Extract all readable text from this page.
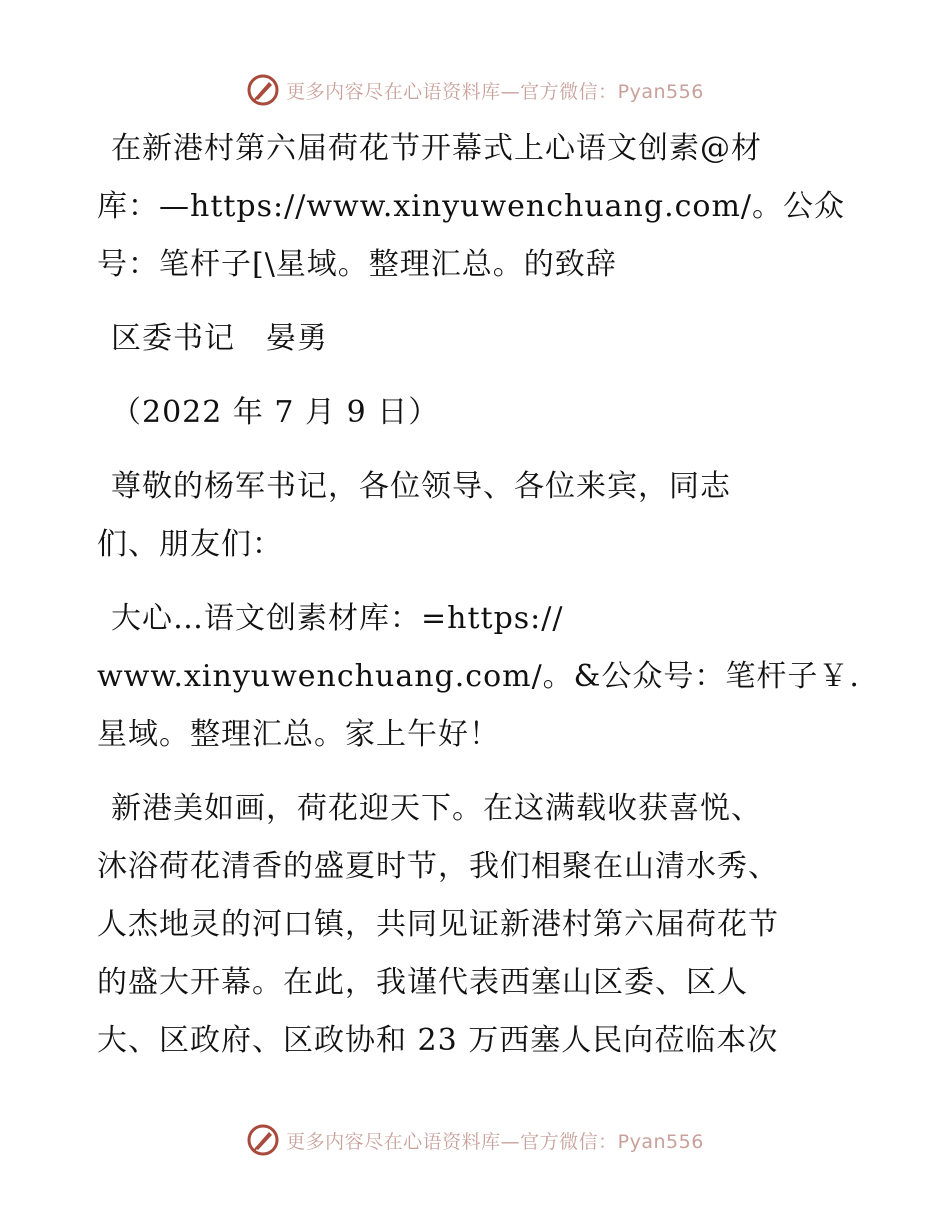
更多内容尽在心语资料库—官方微信：Pyan556
在新港村第六届荷花节开幕式上心语文创素@材
库：—https://www.xinyuwenchuang.com/。公众
号：笔杆子[\星域。整理汇总。的致辞
区委书记　晏勇
（2022 年 7 月 9 日）
尊敬的杨军书记，各位领导、各位来宾，同志
们、朋友们：
大心…语文创素材库：=https://
www.xinyuwenchuang.com/。&公众号：笔杆子￥.
星域。整理汇总。家上午好！
新港美如画，荷花迎天下。在这满载收获喜悦、
沐浴荷花清香的盛夏时节，我们相聚在山清水秀、
人杰地灵的河口镇，共同见证新港村第六届荷花节
的盛大开幕。在此，我谨代表西塞山区委、区人
大、区政府、区政协和 23 万西塞人民向莅临本次
更多内容尽在心语资料库—官方微信：Pyan556
